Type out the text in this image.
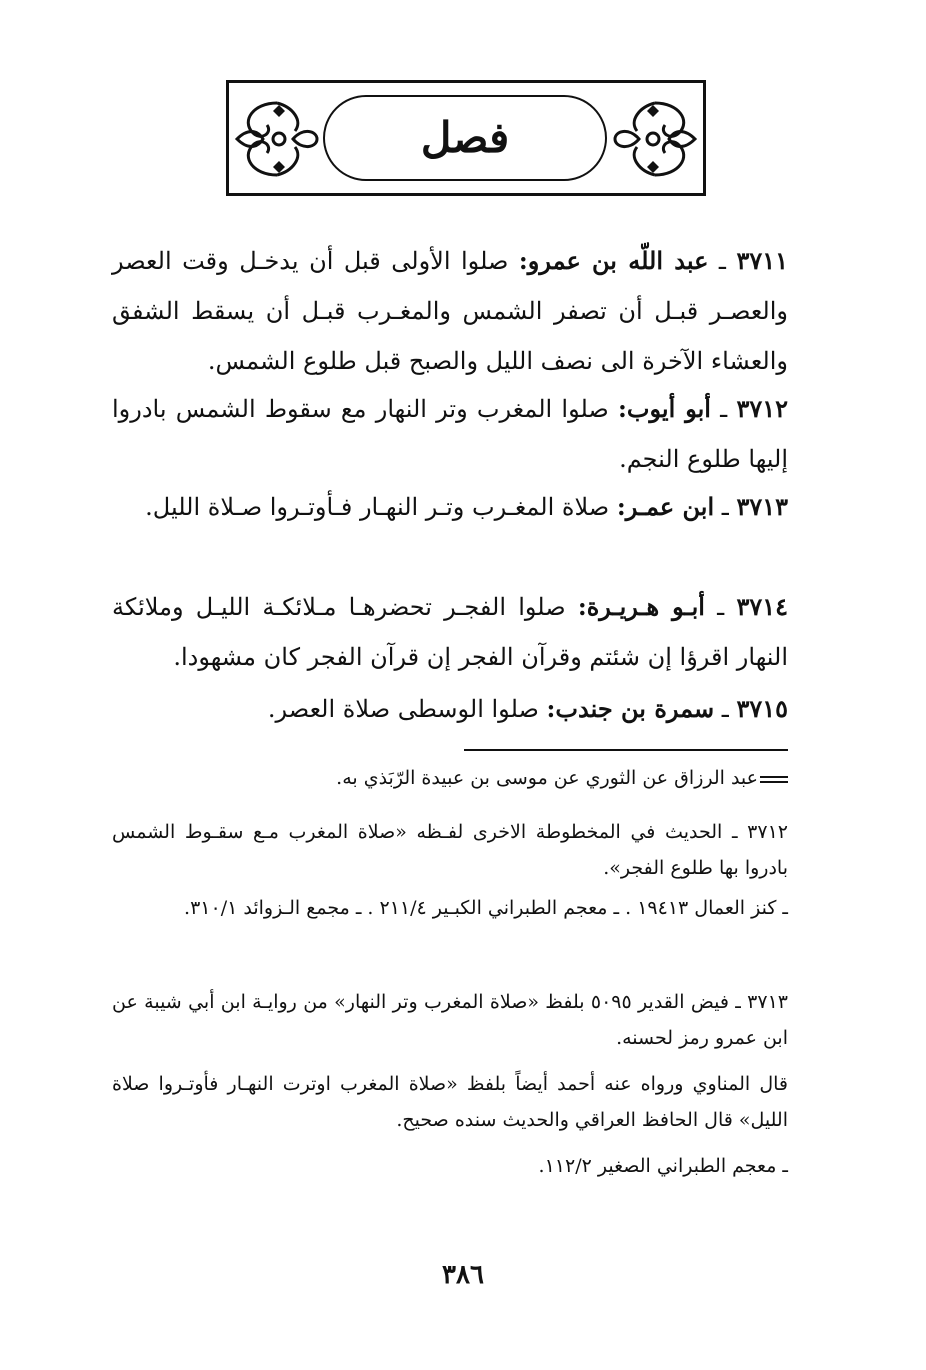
فصل
٣٧١١ ـ عبد اللّه بن عمرو: صلوا الأولى قبل أن يدخـل وقت العصر والعصـر قبـل أن تصفر الشمس والمغـرب قبـل أن يسقط الشفق والعشاء الآخرة الى نصف الليل والصبح قبل طلوع الشمس.
٣٧١٢ ـ أبو أيوب: صلوا المغرب وتر النهار مع سقوط الشمس بادروا إليها طلوع النجم.
٣٧١٣ ـ ابن عمـر: صلاة المغـرب وتـر النهـار فـأوتـروا صـلاة الليل.
٣٧١٤ ـ أبـو هـريـرة: صلوا الفجـر تحضرهـا مـلائكـة الليـل وملائكة النهار اقرؤا إن شئتم وقرآن الفجر إن قرآن الفجر كان مشهودا.
٣٧١٥ ـ سمرة بن جندب: صلوا الوسطى صلاة العصر.
عبد الرزاق عن الثوري عن موسى بن عبيدة الرّبَذي به.
٣٧١٢ ـ الحديث في المخطوطة الاخرى لفـظه «صلاة المغرب مـع سقـوط الشمس بادروا بها طلوع الفجر».
ـ كنز العمال ١٩٤١٣ . ـ معجم الطبراني الكبـير ٢١١/٤ . ـ مجمع الـزوائد ٣١٠/١.
٣٧١٣ ـ فيض القدير ٥٠٩٥ بلفظ «صلاة المغرب وتر النهار» من روايـة ابن أبي شيبة عن ابن عمرو رمز لحسنه.
قال المناوي ورواه عنه أحمد أيضاً بلفظ «صلاة المغرب اوترت النهـار فأوتـروا صلاة الليل» قال الحافظ العراقي والحديث سنده صحيح.
ـ معجم الطبراني الصغير ١١٢/٢.
٣٨٦
